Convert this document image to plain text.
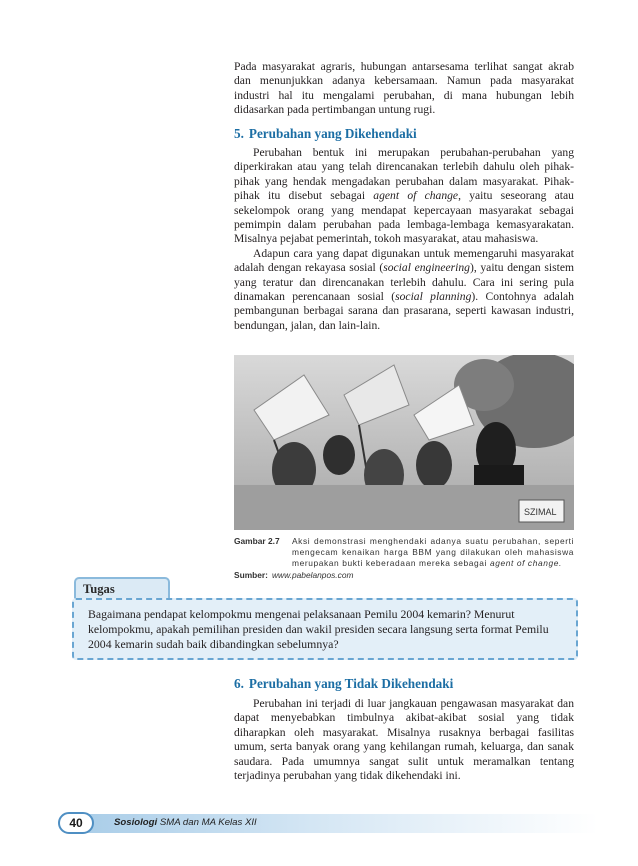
Pada masyarakat agraris, hubungan antarsesama terlihat sangat akrab dan menunjukkan adanya kebersamaan. Namun pada masyarakat industri hal itu mengalami perubahan, di mana hubungan lebih didasarkan pada pertimbangan untung rugi.

5. Perubahan yang Dikehendaki

Perubahan bentuk ini merupakan perubahan-perubahan yang diperkirakan atau yang telah direncanakan terlebih dahulu oleh pihak-pihak yang hendak mengadakan perubahan dalam masyarakat. Pihak-pihak itu disebut sebagai agent of change, yaitu seseorang atau sekelompok orang yang mendapat kepercayaan masyarakat sebagai pemimpin dalam perubahan pada lembaga-lembaga kemasyarakatan. Misalnya pejabat pemerintah, tokoh masyarakat, atau mahasiswa.

Adapun cara yang dapat digunakan untuk memengaruhi masyarakat adalah dengan rekayasa sosial (social engineering), yaitu dengan sistem yang teratur dan direncanakan terlebih dahulu. Cara ini sering pula dinamakan perencanaan sosial (social planning). Contohnya adalah pembangunan berbagai sarana dan prasarana, seperti kawasan industri, bendungan, jalan, dan lain-lain.

SZIMAL
Gambar 2.7	Aksi demonstrasi menghendaki adanya suatu perubahan, seperti mengecam kenaikan harga BBM yang dilakukan oleh mahasiswa merupakan bukti keberadaan mereka sebagai agent of change.
Sumber: www.pabelanpos.com
Tugas

Bagaimana pendapat kelompokmu mengenai pelaksanaan Pemilu 2004 kemarin? Menurut kelompokmu, apakah pemilihan presiden dan wakil presiden secara langsung serta format Pemilu 2004 kemarin sudah baik dibandingkan sebelumnya?

6. Perubahan yang Tidak Dikehendaki

Perubahan ini terjadi di luar jangkauan pengawasan masyarakat dan dapat menyebabkan timbulnya akibat-akibat sosial yang tidak diharapkan oleh masyarakat. Misalnya rusaknya berbagai fasilitas umum, serta banyak orang yang kehilangan rumah, keluarga, dan sanak saudara. Pada umumnya sangat sulit untuk meramalkan tentang terjadinya perubahan yang tidak dikehendaki ini.

40	Sosiologi SMA dan MA Kelas XII
